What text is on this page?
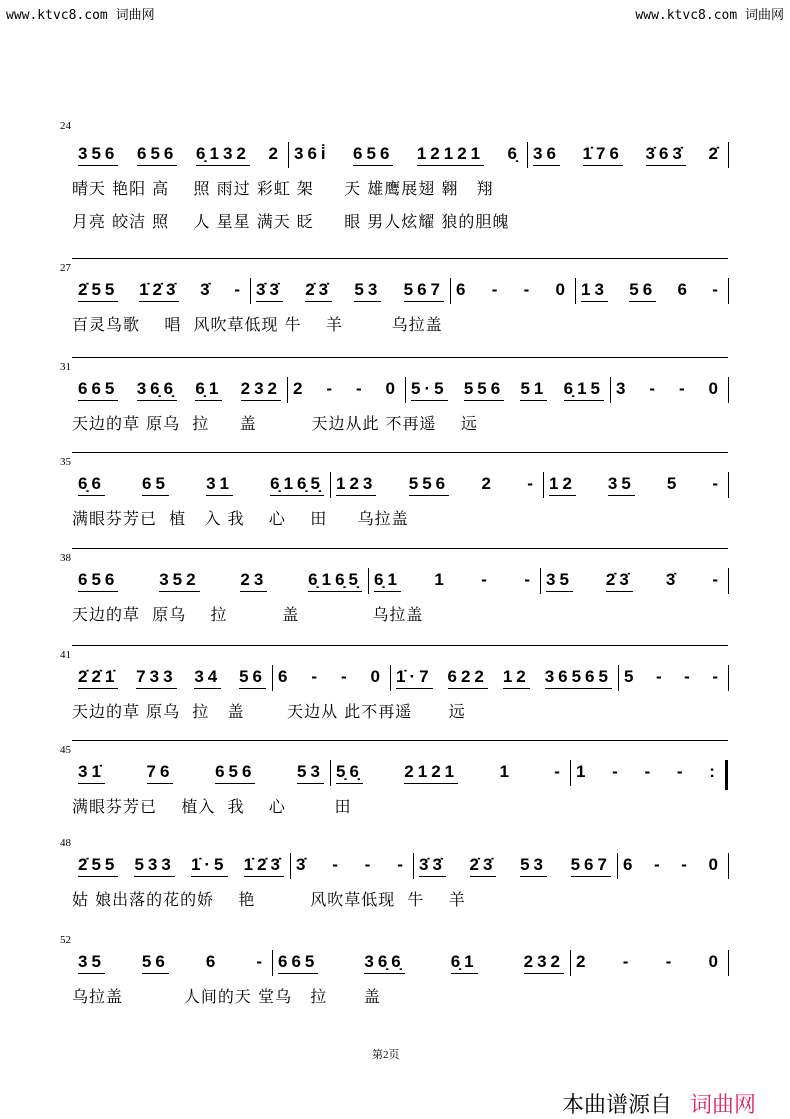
www.ktvc8.com 词曲网	www.ktvc8.com 词曲网
24
356 656 6̣132 2 36i̇ 656 12121 6̣ 36 1̇76 3̇63̇ 2̇
晴天 艳阳 高    照 雨过 彩虹 架     天 雄鹰展翅 翱   翔
月亮 皎洁 照    人 星星 满天 眨     眼 男人炫耀 狼的胆魄
27
2̇55 1̇2̇3̇ 3̇ - 3̇3̇ 2̇3̇ 53 567 6 - - 0 13 56 6 -
百灵鸟歌    唱  风吹草低现 牛    羊        乌拉盖
31
665 36̣6̣ 6̣1 232 2 - - 0 5·5 556 51 6̣15 3 - - 0
天边的草 原乌  拉     盖         天边从此 不再遥    远
35
6̣6 65 31 6̣16̣5̣ 123 556 2 - 12 35 5 -
满眼芬芳已  植   入 我    心    田     乌拉盖
38
656 352 23 6̣16̣5̣ 6̣1 1 - - 35 2̇3̇ 3̇ -
天边的草  原乌    拉         盖            乌拉盖
41
2̇2̇1̇ 733 34 56 6 - - 0 1̇·7 622 12 36565 5 - - -
天边的草 原乌  拉   盖       天边从 此不再遥      远
45
31̇ 76 656 53 5̣6̣ 2121 1 - 1 - - - :
满眼芬芳已    植入  我    心        田
48
2̇55 533 1̇·5 1̇2̇3̇ 3̇ - - - 3̇3̇ 2̇3̇ 53 567 6 - - 0
姑 娘出落的花的娇    艳         风吹草低现  牛    羊
52
35 56 6 - 665	36̣6̣	6̣1	232 2 - - 0
乌拉盖          人间的天 堂乌   拉      盖
第2页
本曲谱源自 词曲网
